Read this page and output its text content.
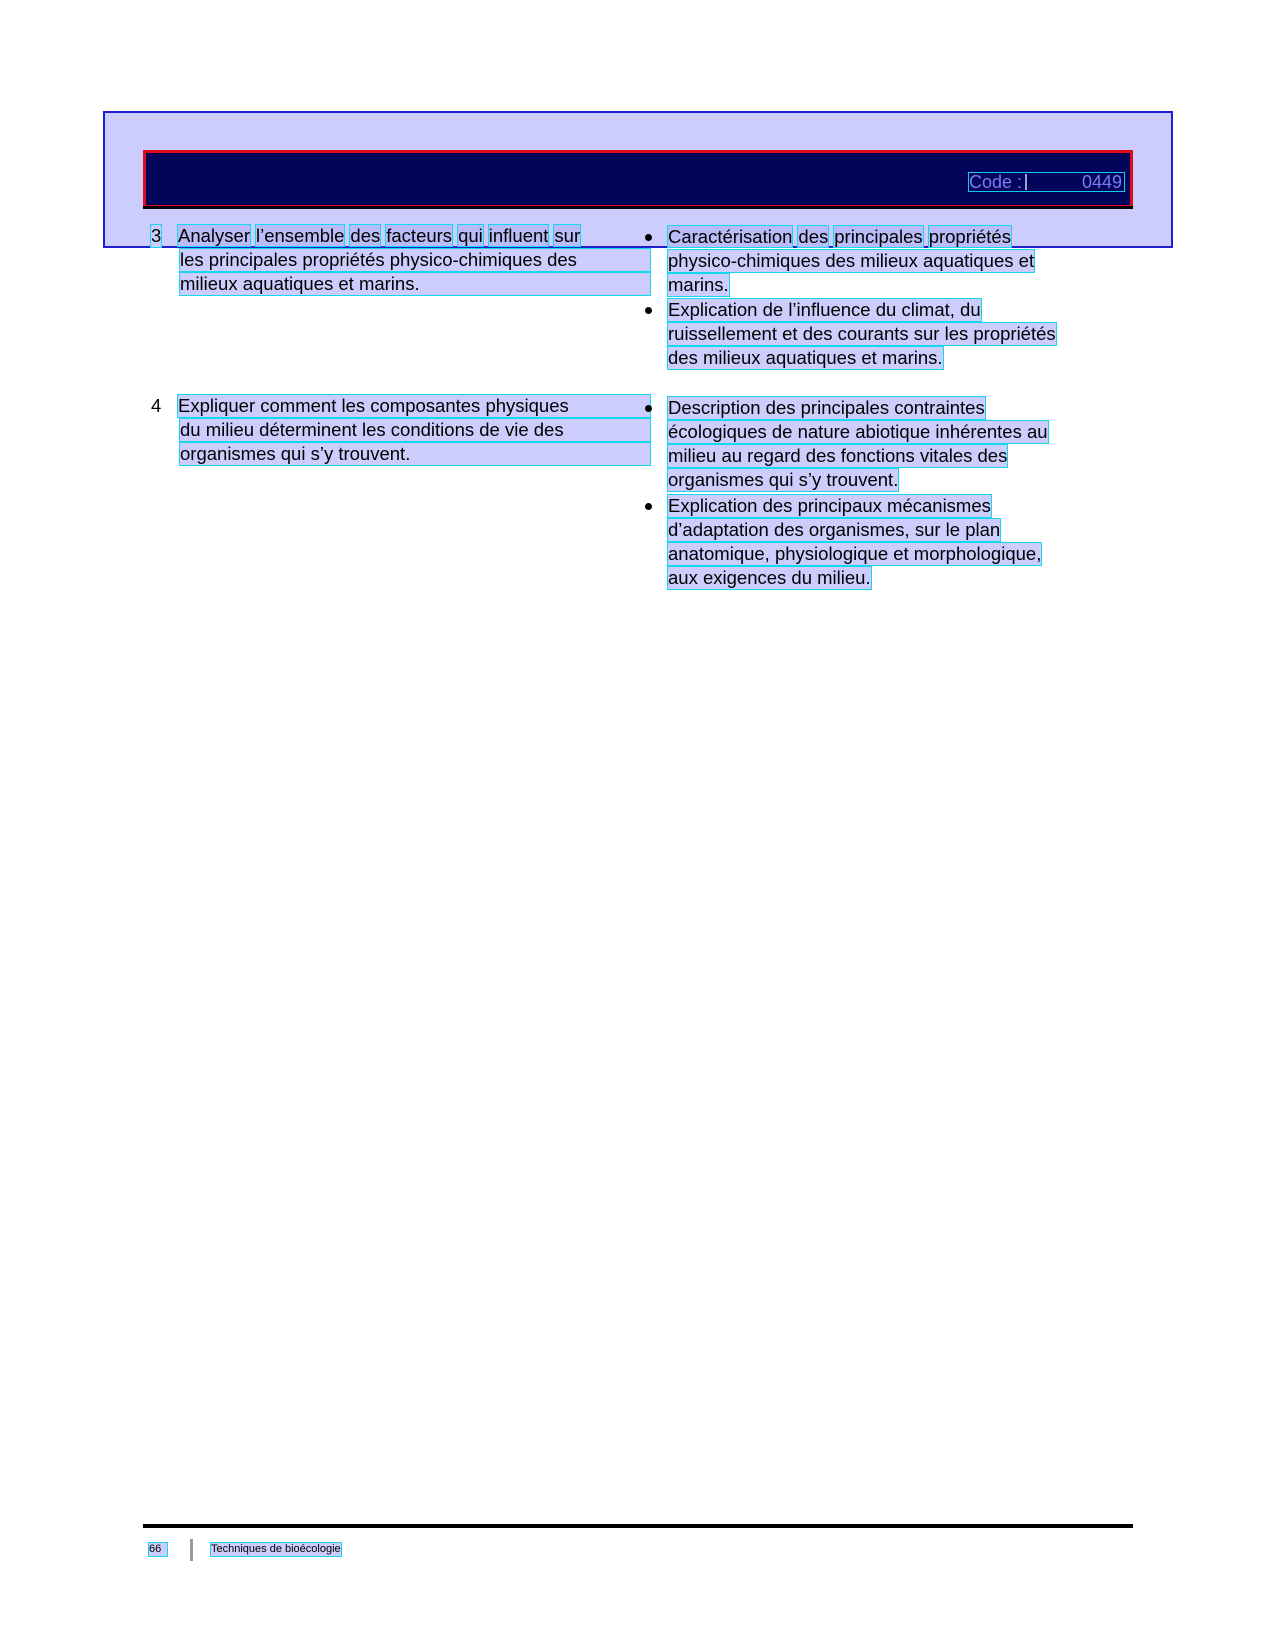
Code :	0449
3 Analyser l’ensemble des facteurs qui influent sur
les principales propriétés physico-chimiques des
milieux aquatiques et marins.
4 Expliquer comment les composantes physiques
du milieu déterminent les conditions de vie des
organismes qui s’y trouvent.
Caractérisation des principales propriétés
physico-chimiques des milieux aquatiques et
marins.
Explication de l’influence du climat, du
ruissellement et des courants sur les propriétés
des milieux aquatiques et marins.
Description des principales contraintes
écologiques de nature abiotique inhérentes au
milieu au regard des fonctions vitales des
organismes qui s’y trouvent.
Explication des principaux mécanismes
d’adaptation des organismes, sur le plan
anatomique, physiologique et morphologique,
aux exigences du milieu.
66	Techniques de bioécologie
